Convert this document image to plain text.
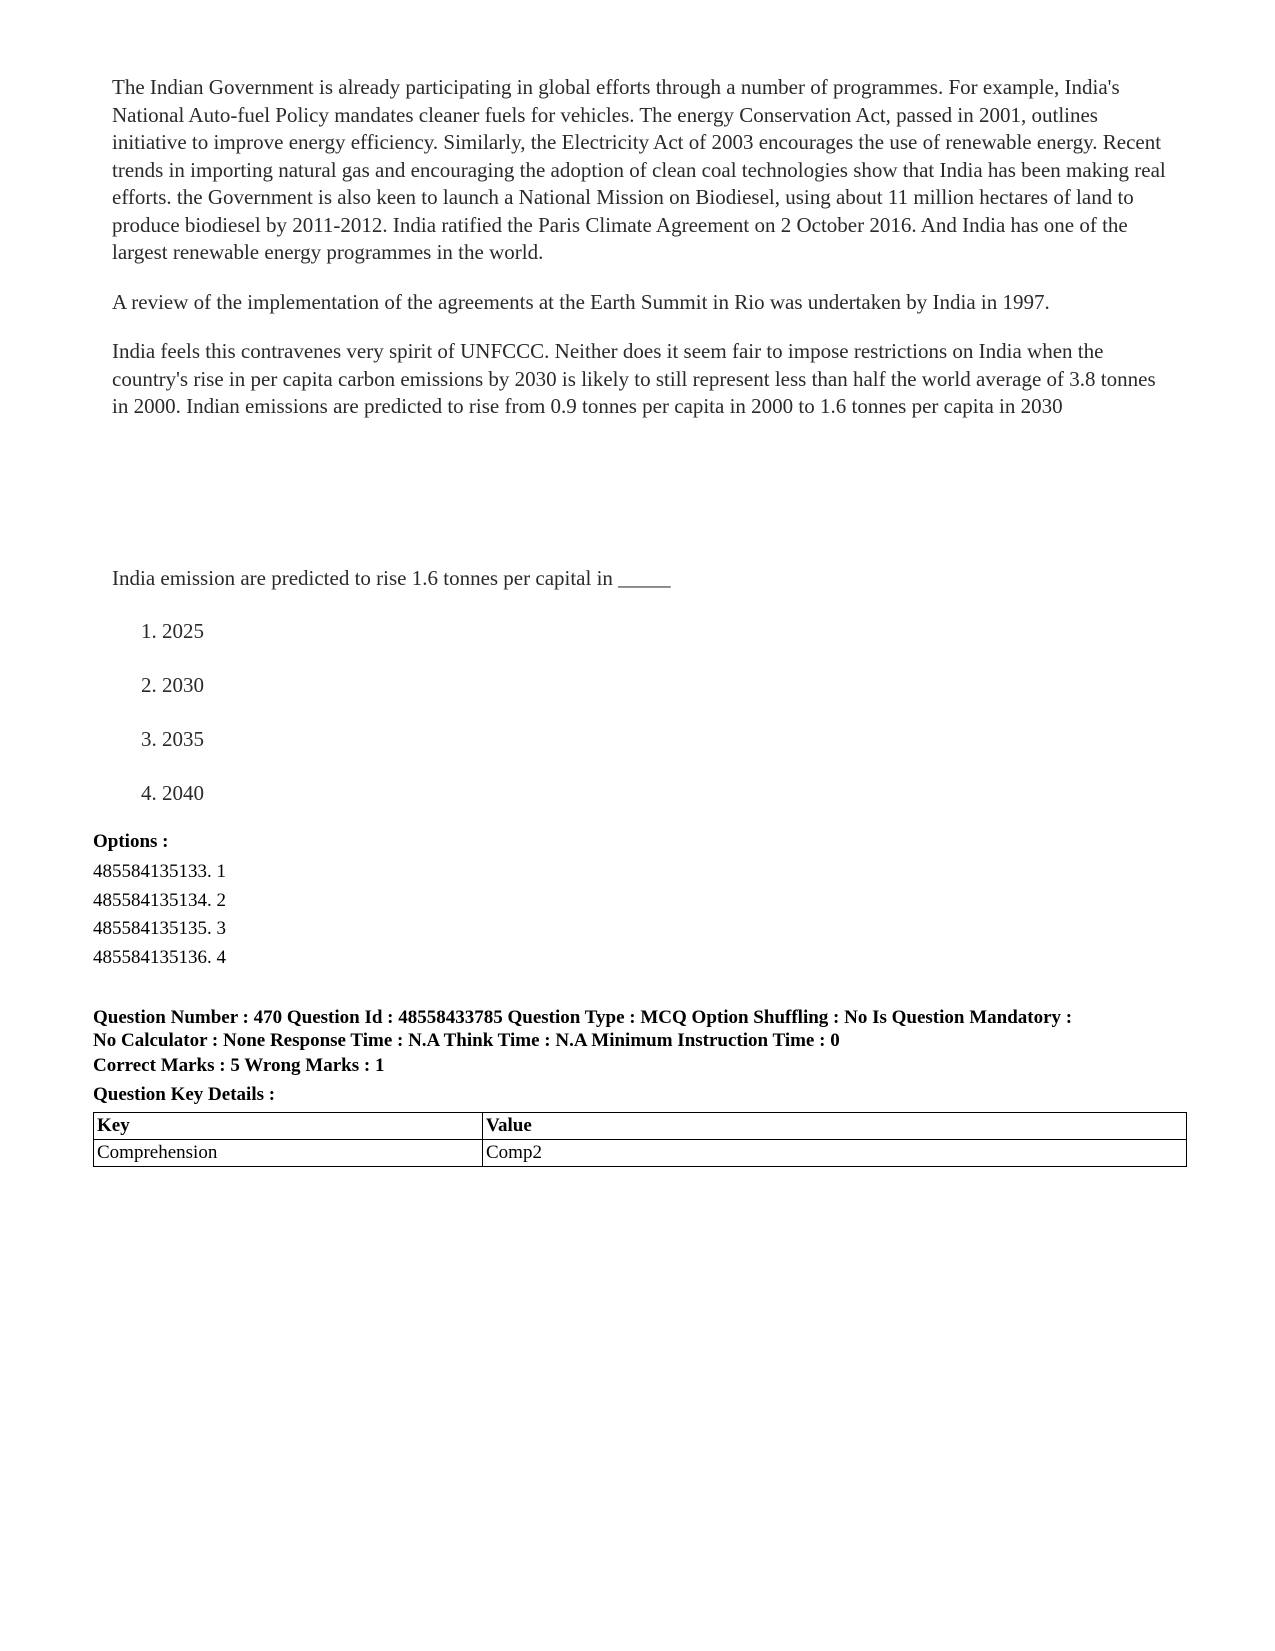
The Indian Government is already participating in global efforts through a number of programmes. For example, India's National Auto-fuel Policy mandates cleaner fuels for vehicles. The energy Conservation Act, passed in 2001, outlines initiative to improve energy efficiency. Similarly, the Electricity Act of 2003 encourages the use of renewable energy. Recent trends in importing natural gas and encouraging the adoption of clean coal technologies show that India has been making real efforts. the Government is also keen to launch a National Mission on Biodiesel, using about 11 million hectares of land to produce biodiesel by 2011-2012. India ratified the Paris Climate Agreement on 2 October 2016. And India has one of the largest renewable energy programmes in the world.

A review of the implementation of the agreements at the Earth Summit in Rio was undertaken by India in 1997.

India feels this contravenes very spirit of UNFCCC. Neither does it seem fair to impose restrictions on India when the country's rise in per capita carbon emissions by 2030 is likely to still represent less than half the world average of 3.8 tonnes in 2000. Indian emissions are predicted to rise from 0.9 tonnes per capita in 2000 to 1.6 tonnes per capita in 2030

India emission are predicted to rise 1.6 tonnes per capital in _____
1. 2025
2. 2030
3. 2035
4. 2040
Options :
485584135133. 1
485584135134. 2
485584135135. 3
485584135136. 4
Question Number : 470 Question Id : 48558433785 Question Type : MCQ Option Shuffling : No Is Question Mandatory :
No Calculator : None Response Time : N.A Think Time : N.A Minimum Instruction Time : 0
Correct Marks : 5 Wrong Marks : 1
Question Key Details :
Key	Value
Comprehension	Comp2
